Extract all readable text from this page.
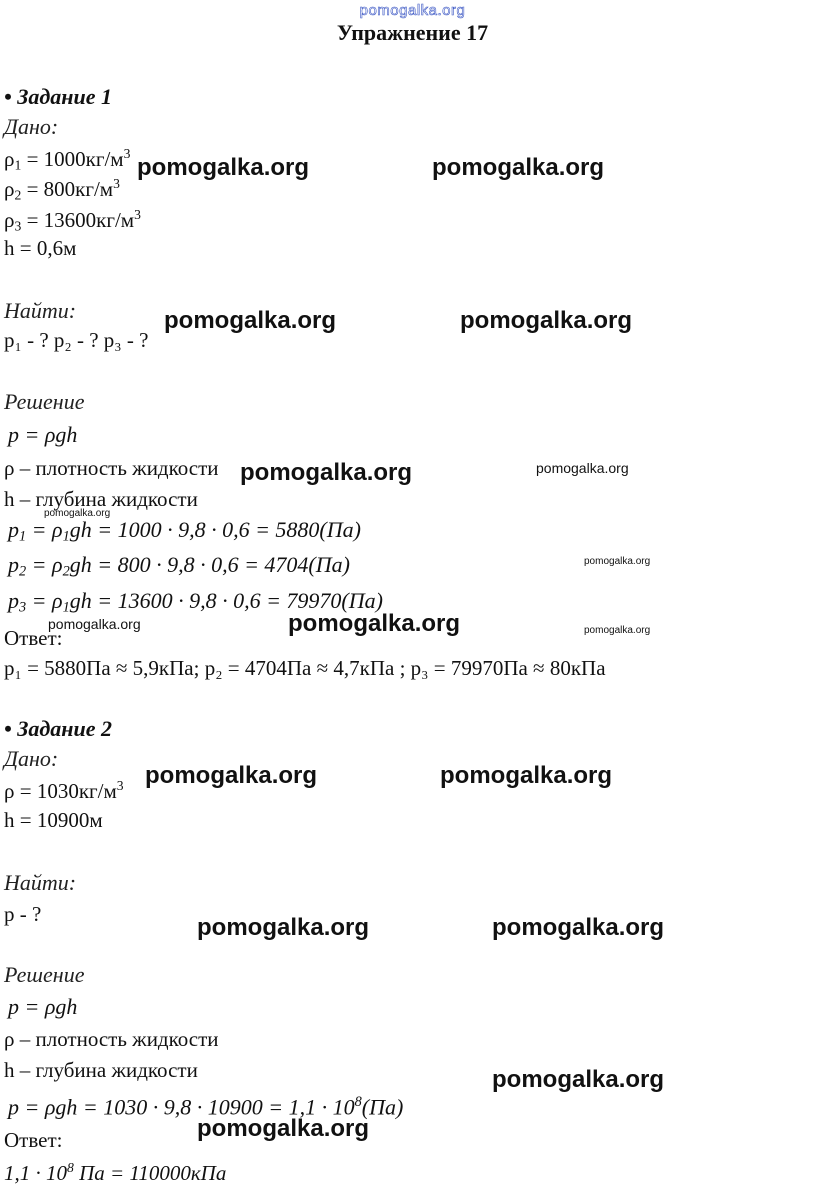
pomogalka.org
Упражнение 17
• Задание 1
Дано:
$\rho_1 = 1000кг/м^3$
$\rho_2 = 800кг/м^3$
$\rho_3 = 13600кг/м^3$
h = 0,6м
Найти:
p₁ - ? p₂ - ? p₃ - ?
Решение
p = ρgh
ρ – плотность жидкости
h – глубина жидкости
$p_1 = \rho_1gh = 1000 \cdot 9,8 \cdot 0,6 = 5880(Па)$
$p_2 = \rho_2gh = 800 \cdot 9,8 \cdot 0,6 = 4704(Па)$
$p_3 = \rho_1gh = 13600 \cdot 9,8 \cdot 0,6 = 79970(Па)$
Ответ:
p₁ = 5880Па ≈ 5,9кПа; p₂ = 4704Па ≈ 4,7кПа ; p₃ = 79970Па ≈ 80кПа
• Задание 2
Дано:
$\rho = 1030кг/м^3$
h = 10900м
Найти:
p - ?
Решение
p = ρgh
ρ – плотность жидкости
h – глубина жидкости
$p = \rho gh = 1030 \cdot 9,8 \cdot 10900 = 1,1 \cdot 10^8(Па)$
Ответ:
$1,1 \cdot 10^8$ Па = 110000кПа
pomogalka.org	pomogalka.org
pomogalka.org	pomogalka.org
pomogalka.org	pomogalka.org
pomogalka.org
pomogalka.org
pomogalka.org	pomogalka.org	pomogalka.org
pomogalka.org	pomogalka.org
pomogalka.org	pomogalka.org
pomogalka.org
pomogalka.org
